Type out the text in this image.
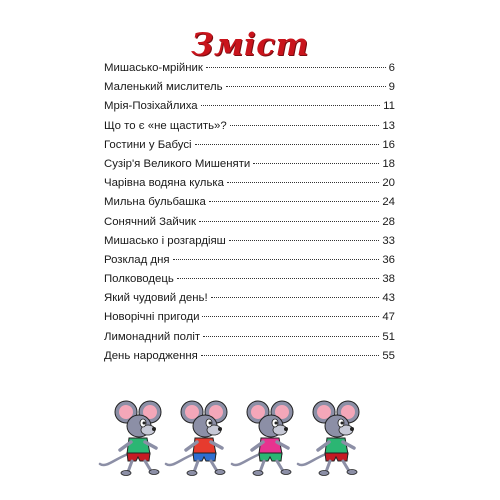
Зміст
Мишасько-мрійник	6
Маленький мислитель	9
Мрія-Позіхайлиха	11
Що то є «не щастить»?	13
Гостини у Бабусі	16
Сузір'я Великого Мишеняти	18
Чарівна водяна кулька	20
Мильна бульбашка	24
Сонячний Зайчик	28
Мишасько і розгардіяш	33
Розклад дня	36
Полководець	38
Який чудовий день!	43
Новорічні пригоди	47
Лимонадний політ	51
День народження	55
